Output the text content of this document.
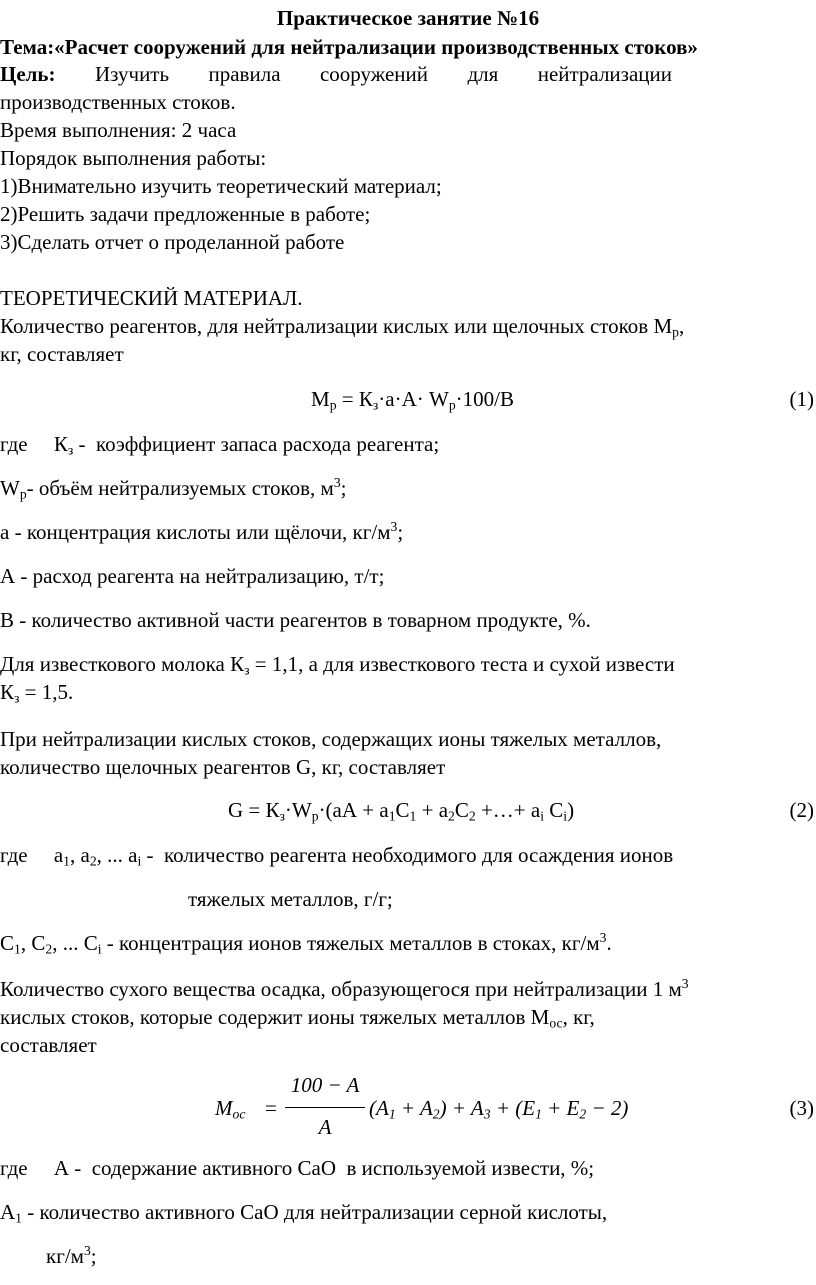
Практическое занятие №16
Тема:«Расчет сооружений для нейтрализации производственных стоков»
Цель: Изучить правила сооружений для нейтрализации
производственных стоков.
Время выполнения: 2 часа
Порядок выполнения работы:
1)Внимательно изучить теоретический материал;
2)Решить задачи предложенные в работе;
3)Сделать отчет о проделанной работе
ТЕОРЕТИЧЕСКИЙ МАТЕРИАЛ.
Количество реагентов, для нейтрализации кислых или щелочных стоков $М_р$,
кг, составляет
$М_р = К_з\cdot а\cdot А\cdot W_р\cdot 100/В$	(1)
где     $К_з$ -  коэффициент запаса расхода реагента;
$W_р-$ объём нейтрализуемых стоков, $м^3$;
а - концентрация кислоты или щёлочи, $кг/м^3$;
А - расход реагента на нейтрализацию, т/т;
В - количество активной части реагентов в товарном продукте, %.
Для известкового молока $К_з = 1,1$, а для известкового теста и сухой извести
$К_з = 1,5$.
При нейтрализации кислых стоков, содержащих ионы тяжелых металлов,
количество щелочных реагентов G, кг, составляет
$G = К_з\cdot W_р\cdot(аА + а_1С_1 + а_2С_2$ +…+ $а_i$ $С_i$)	(2)
где     $а_1$, $а_2$, ... $а_i$ -  количество реагента необходимого для осаждения ионов
тяжелых металлов, г/г;
$С_1$, $С_2$, ... $С_i$ - концентрация ионов тяжелых металлов в стоках, $кг/м^3$.
Количество сухого вещества осадка, образующегося при нейтрализации 1 $м^3$
кислых стоков, которые содержит ионы тяжелых металлов $М_{ос}$, кг,
составляет
$M_{ос}$ =
100 − A
A
$(A_1 + A_2) + A_3 + (E_1 + E_2 - 2)$	(3)
где     А -  содержание активного СаО  в используемой извести, %;
$А_1$ - количество активного СаО для нейтрализации серной кислоты,
$кг/м^3$;
